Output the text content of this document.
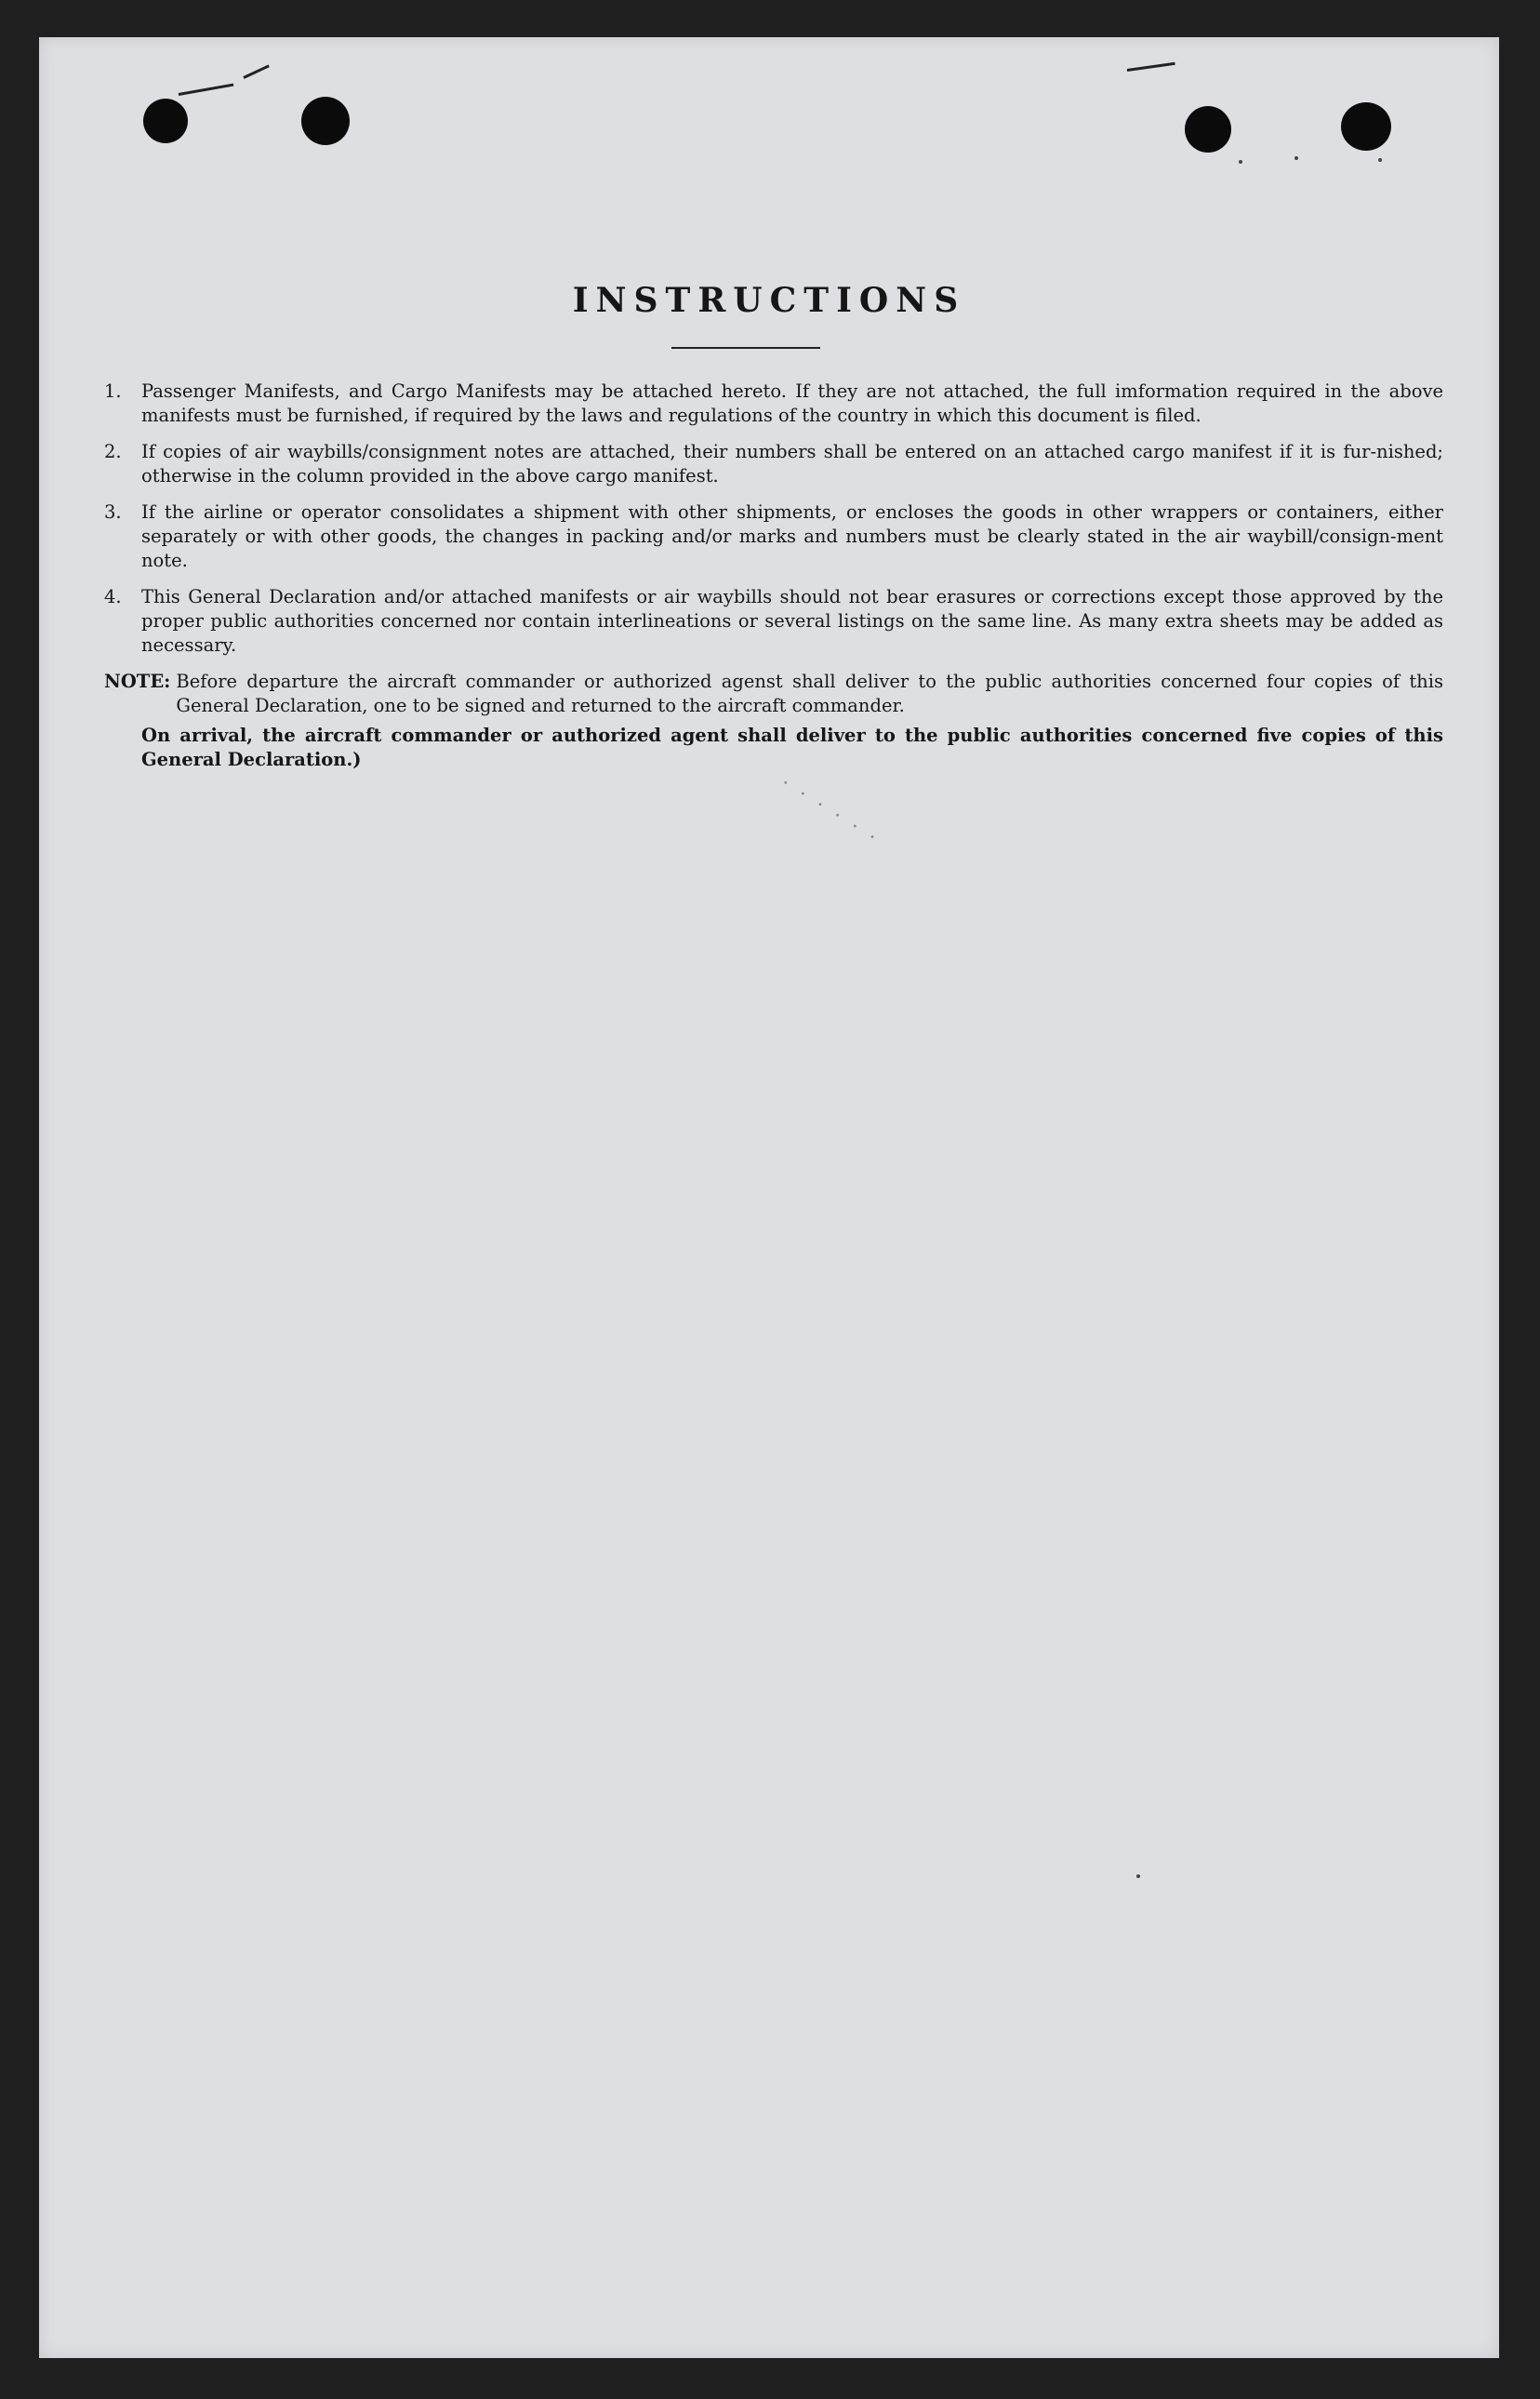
INSTRUCTIONS
1.	Passenger Manifests, and Cargo Manifests may be attached hereto. If they are not attached, the full imformation required in the above manifests must be furnished, if required by the laws and regulations of the country in which this document is filed.
2.	If copies of air waybills/consignment notes are attached, their numbers shall be entered on an attached cargo manifest if it is fur-nished; otherwise in the column provided in the above cargo manifest.
3.	If the airline or operator consolidates a shipment with other shipments, or encloses the goods in other wrappers or containers, either separately or with other goods, the changes in packing and/or marks and numbers must be clearly stated in the air waybill/consign-ment note.
4.	This General Declaration and/or attached manifests or air waybills should not bear erasures or corrections except those approved by the proper public authorities concerned nor contain interlineations or several listings on the same line. As many extra sheets may be added as necessary.
NOTE: Before departure the aircraft commander or authorized agenst shall deliver to the public authorities concerned four copies of this General Declaration, one to be signed and returned to the aircraft commander.
On arrival, the aircraft commander or authorized agent shall deliver to the public authorities concerned five copies of this General Declaration.)
· · · · · ·
